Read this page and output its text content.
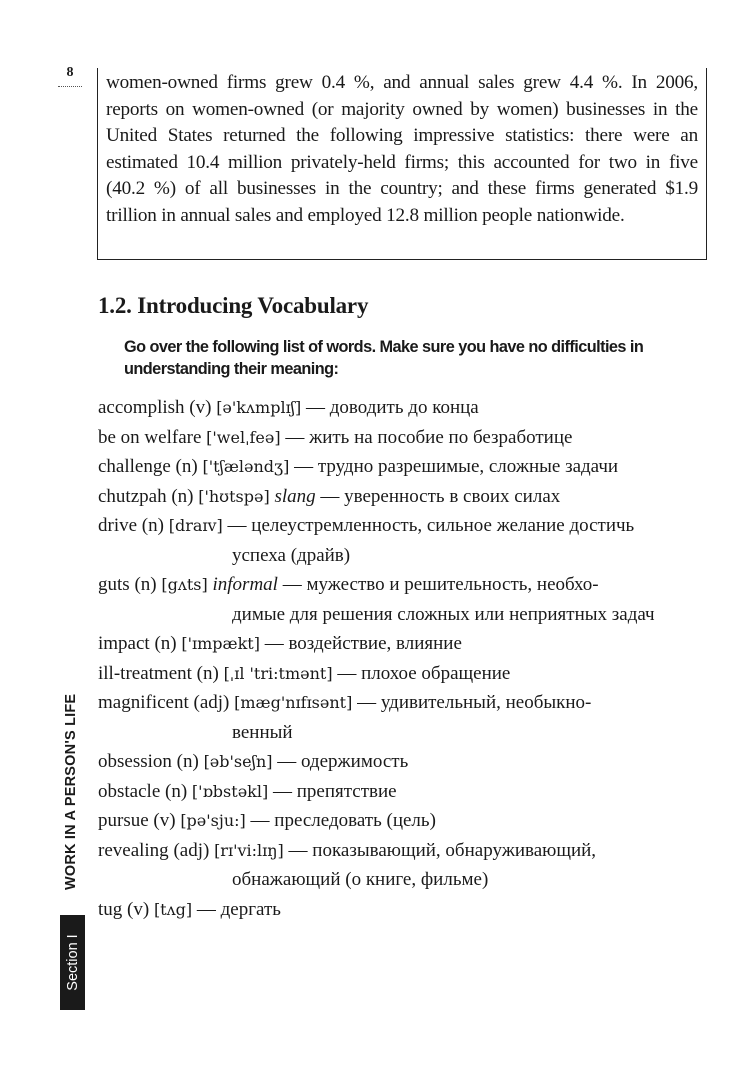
8	women-owned firms grew 0.4 %, and annual sales grew 4.4 %. In 2006, reports on women-owned (or majority owned by women) businesses in the United States returned the following impressive statistics: there were an estimated 10.4 million privately-held firms; this accounted for two in five (40.2 %) of all businesses in the country; and these firms generated $1.9 trillion in annual sales and employed 12.8 million people nationwide.
1.2. Introducing Vocabulary
Go over the following list of words. Make sure you have no difficulties in understanding their meaning:
accomplish (v) [ə'kʌmplɪʃ] — доводить до конца
be on welfare ['welˌfeə] — жить на пособие по безработице
challenge (n) ['tʃæləndʒ] — трудно разрешимые, сложные задачи
chutzpah (n) ['hʊtspə] slang — уверенность в своих силах
drive (n) [draɪv] — целеустремленность, сильное желание достичь
успеха (драйв)
guts (n) [gʌts] informal — мужество и решительность, необхо-
димые для решения сложных или неприятных задач
impact (n) ['ɪmpækt] — воздействие, влияние
ill-treatment (n) [ˌɪl 'tri:tmənt] — плохое обращение
magnificent (adj) [mæg'nɪfɪsənt] — удивительный, необыкно-
венный
obsession (n) [əb'seʃn] — одержимость
obstacle (n) ['ɒbstəkl] — препятствие
pursue (v) [pə'sju:] — преследовать (цель)
revealing (adj) [rɪ'vi:lɪŋ] — показывающий, обнаруживающий,
обнажающий (о книге, фильме)
tug (v) [tʌg] — дергать
WORK IN A PERSON'S LIFE
Section I
